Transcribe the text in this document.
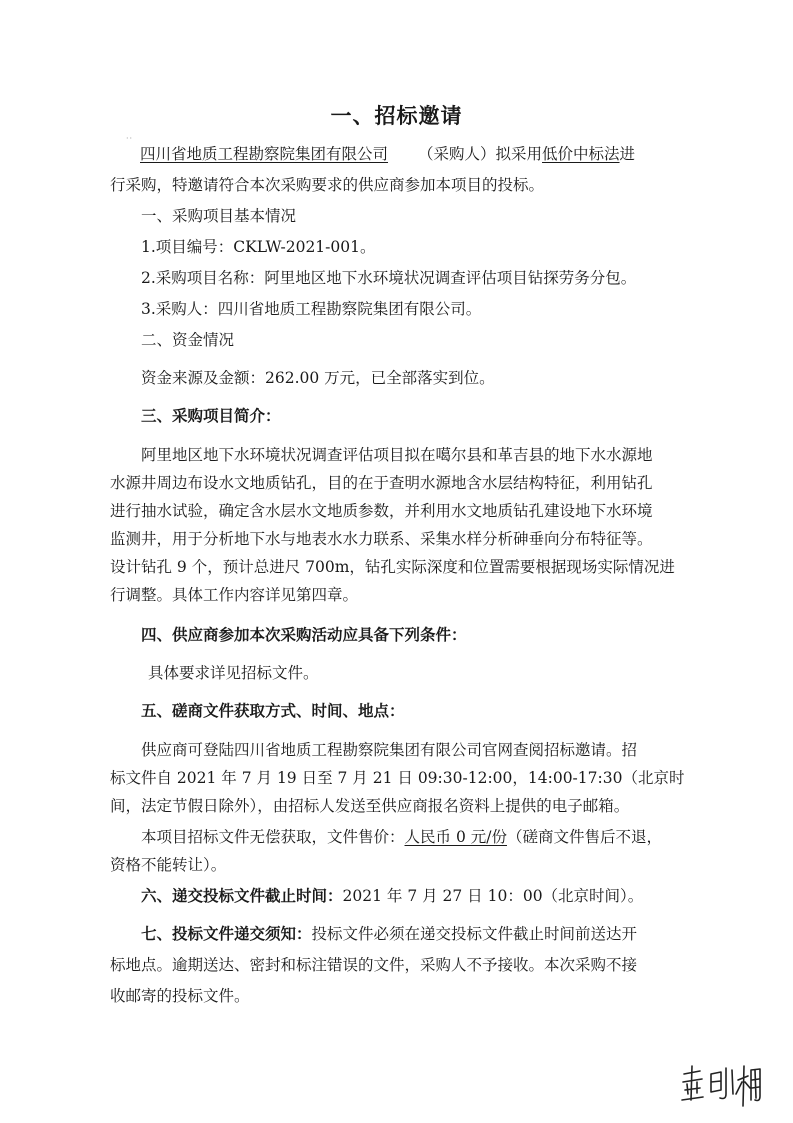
一、招标邀请
··

四川省地质工程勘察院集团有限公司 （采购人）拟采用低价中标法进

行采购，特邀请符合本次采购要求的供应商参加本项目的投标。

一、采购项目基本情况

1.项目编号：CKLW-2021-001。

2.采购项目名称：阿里地区地下水环境状况调查评估项目钻探劳务分包。

3.采购人：四川省地质工程勘察院集团有限公司。

二、资金情况

资金来源及金额：262.00 万元，已全部落实到位。

三、采购项目简介：

阿里地区地下水环境状况调查评估项目拟在噶尔县和革吉县的地下水水源地

水源井周边布设水文地质钻孔，目的在于查明水源地含水层结构特征，利用钻孔

进行抽水试验，确定含水层水文地质参数，并利用水文地质钻孔建设地下水环境

监测井，用于分析地下水与地表水水力联系、采集水样分析砷垂向分布特征等。

设计钻孔 9 个，预计总进尺 700m，钻孔实际深度和位置需要根据现场实际情况进

行调整。具体工作内容详见第四章。

四、供应商参加本次采购活动应具备下列条件：

具体要求详见招标文件。

五、磋商文件获取方式、时间、地点：

供应商可登陆四川省地质工程勘察院集团有限公司官网查阅招标邀请。招

标文件自 2021 年 7 月 19 日至 7 月 21 日 09:30-12:00，14:00-17:30（北京时

间，法定节假日除外），由招标人发送至供应商报名资料上提供的电子邮箱。

本项目招标文件无偿获取，文件售价：人民币 0 元/份（磋商文件售后不退，

资格不能转让）。

六、递交投标文件截止时间：2021 年 7 月 27 日 10：00（北京时间）。

七、投标文件递交须知：投标文件必须在递交投标文件截止时间前送达开

标地点。逾期送达、密封和标注错误的文件，采购人不予接收。本次采购不接

收邮寄的投标文件。
